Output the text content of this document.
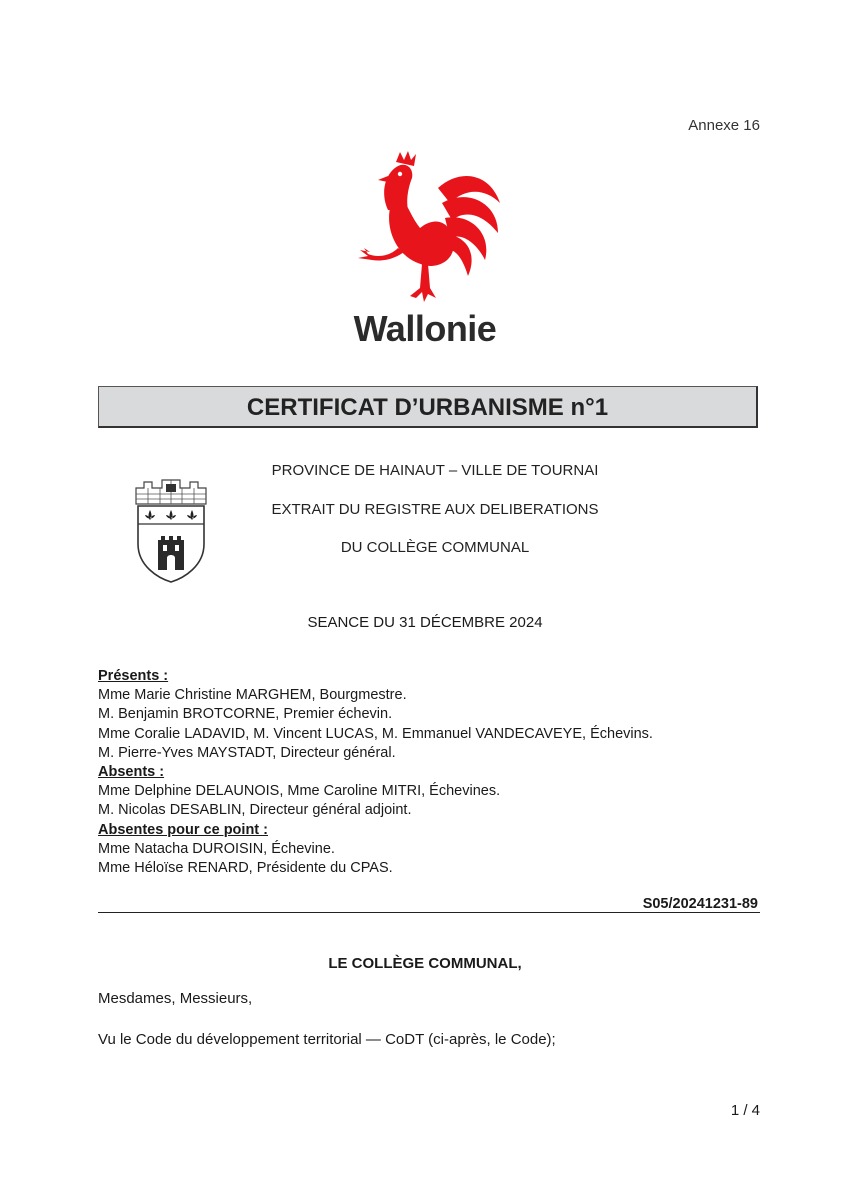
Annexe 16
Wallonie
CERTIFICAT D’URBANISME n°1
PROVINCE DE HAINAUT – VILLE DE TOURNAI
EXTRAIT DU REGISTRE AUX DELIBERATIONS
DU COLLÈGE COMMUNAL
SEANCE DU 31 DÉCEMBRE 2024
Présents :
Mme Marie Christine MARGHEM, Bourgmestre.
M. Benjamin BROTCORNE, Premier échevin.
Mme Coralie LADAVID, M. Vincent LUCAS, M. Emmanuel VANDECAVEYE, Échevins.
M. Pierre-Yves MAYSTADT, Directeur général.
Absents :
Mme Delphine DELAUNOIS, Mme Caroline MITRI, Échevines.
M. Nicolas DESABLIN, Directeur général adjoint.
Absentes pour ce point :
Mme Natacha DUROISIN, Échevine.
Mme Héloïse RENARD, Présidente du CPAS.
S05/20241231-89
LE COLLÈGE COMMUNAL,
Mesdames, Messieurs,
Vu le Code du développement territorial — CoDT (ci-après, le Code);
1 / 4
